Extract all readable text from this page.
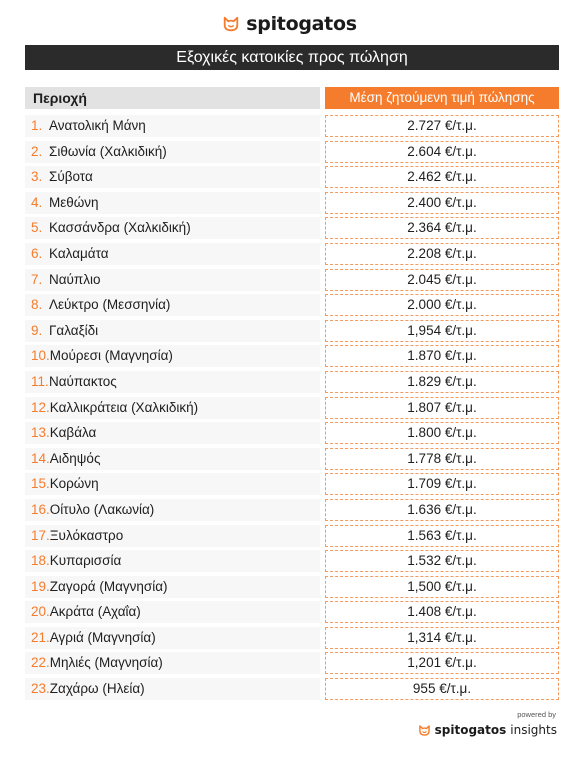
spitogatos
Εξοχικές κατοικίες προς πώληση
Περιοχή	Μέση ζητούμενη τιμή πώλησης
1. Ανατολική Μάνη	2.727 €/τ.μ.
2. Σιθωνία (Χαλκιδική)	2.604 €/τ.μ.
3. Σύβοτα	2.462 €/τ.μ.
4. Μεθώνη	2.400 €/τ.μ.
5. Κασσάνδρα (Χαλκιδική)	2.364 €/τ.μ.
6. Καλαμάτα	2.208 €/τ.μ.
7. Ναύπλιο	2.045 €/τ.μ.
8. Λεύκτρο (Μεσσηνία)	2.000 €/τ.μ.
9. Γαλαξίδι	1,954 €/τ.μ.
10.Μούρεσι (Μαγνησία)	1.870 €/τ.μ.
11.Ναύπακτος	1.829 €/τ.μ.
12.Καλλικράτεια (Χαλκιδική)	1.807 €/τ.μ.
13.Καβάλα	1.800 €/τ.μ.
14.Αιδηψός	1.778 €/τ.μ.
15.Κορώνη	1.709 €/τ.μ.
16.Οίτυλο (Λακωνία)	1.636 €/τ.μ.
17.Ξυλόκαστρο	1.563 €/τ.μ.
18.Κυπαρισσία	1.532 €/τ.μ.
19.Ζαγορά (Μαγνησία)	1,500 €/τ.μ.
20.Ακράτα (Αχαΐα)	1.408 €/τ.μ.
21.Αγριά (Μαγνησία)	1,314 €/τ.μ.
22.Μηλιές (Μαγνησία)	1,201 €/τ.μ.
23.Ζαχάρω (Ηλεία)	955 €/τ.μ.
powered by
spitogatos insights
